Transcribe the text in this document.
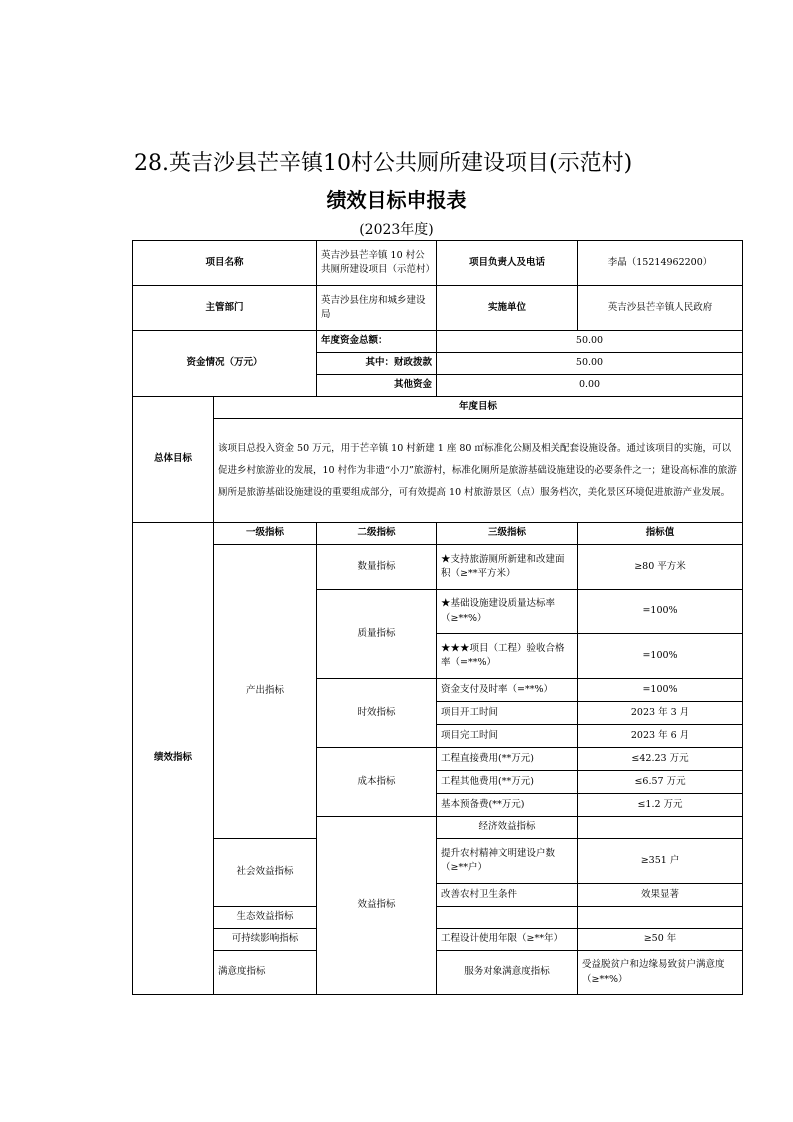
28.英吉沙县芒辛镇10村公共厕所建设项目(示范村)
绩效目标申报表
(2023年度)
项目名称		英吉沙县芒辛镇 10 村公共厕所建设项目（示范村）	项目负责人及电话	李晶（15214962200）	
主管部门		英吉沙县住房和城乡建设局	实施单位	英吉沙县芒辛镇人民政府	
资金情况（万元）		年度资金总额：	50.00		
		其中：财政拨款	50.00		
		其他资金	0.00		
总体目标	年度目标				
	该项目总投入资金 50 万元，用于芒辛镇 10 村新建 1 座 80 ㎡标准化公厕及相关配套设施设备。通过该项目的实施，可以促进乡村旅游业的发展，10 村作为非遗“小刀”旅游村，标准化厕所是旅游基础设施建设的必要条件之一；建设高标准的旅游厕所是旅游基础设施建设的重要组成部分，可有效提高 10 村旅游景区（点）服务档次，美化景区环境促进旅游产业发展。				
绩效指标	一级指标	二级指标	三级指标	指标值	
	产出指标	数量指标	★支持旅游厕所新建和改建面积（≥**平方米）	≥80 平方米	
		质量指标	★基础设施建设质量达标率（≥**%）	=100%	
			★★★项目（工程）验收合格率（=**%）	=100%	
		时效指标	资金支付及时率（=**%）	=100%	
			项目开工时间	2023 年 3 月	
			项目完工时间	2023 年 6 月	
		成本指标	工程直接费用(**万元)	≤42.23 万元	
			工程其他费用(**万元)	≤6.57 万元	
			基本预备费(**万元)	≤1.2 万元	
		效益指标	经济效益指标		
	社会效益指标		提升农村精神文明建设户数（≥**户）	≥351 户	
			改善农村卫生条件	效果显著	
	生态效益指标				
	可持续影响指标		工程设计使用年限（≥**年）	≥50 年	
	满意度指标		服务对象满意度指标	受益脱贫户和边缘易致贫户满意度（≥**%）	
